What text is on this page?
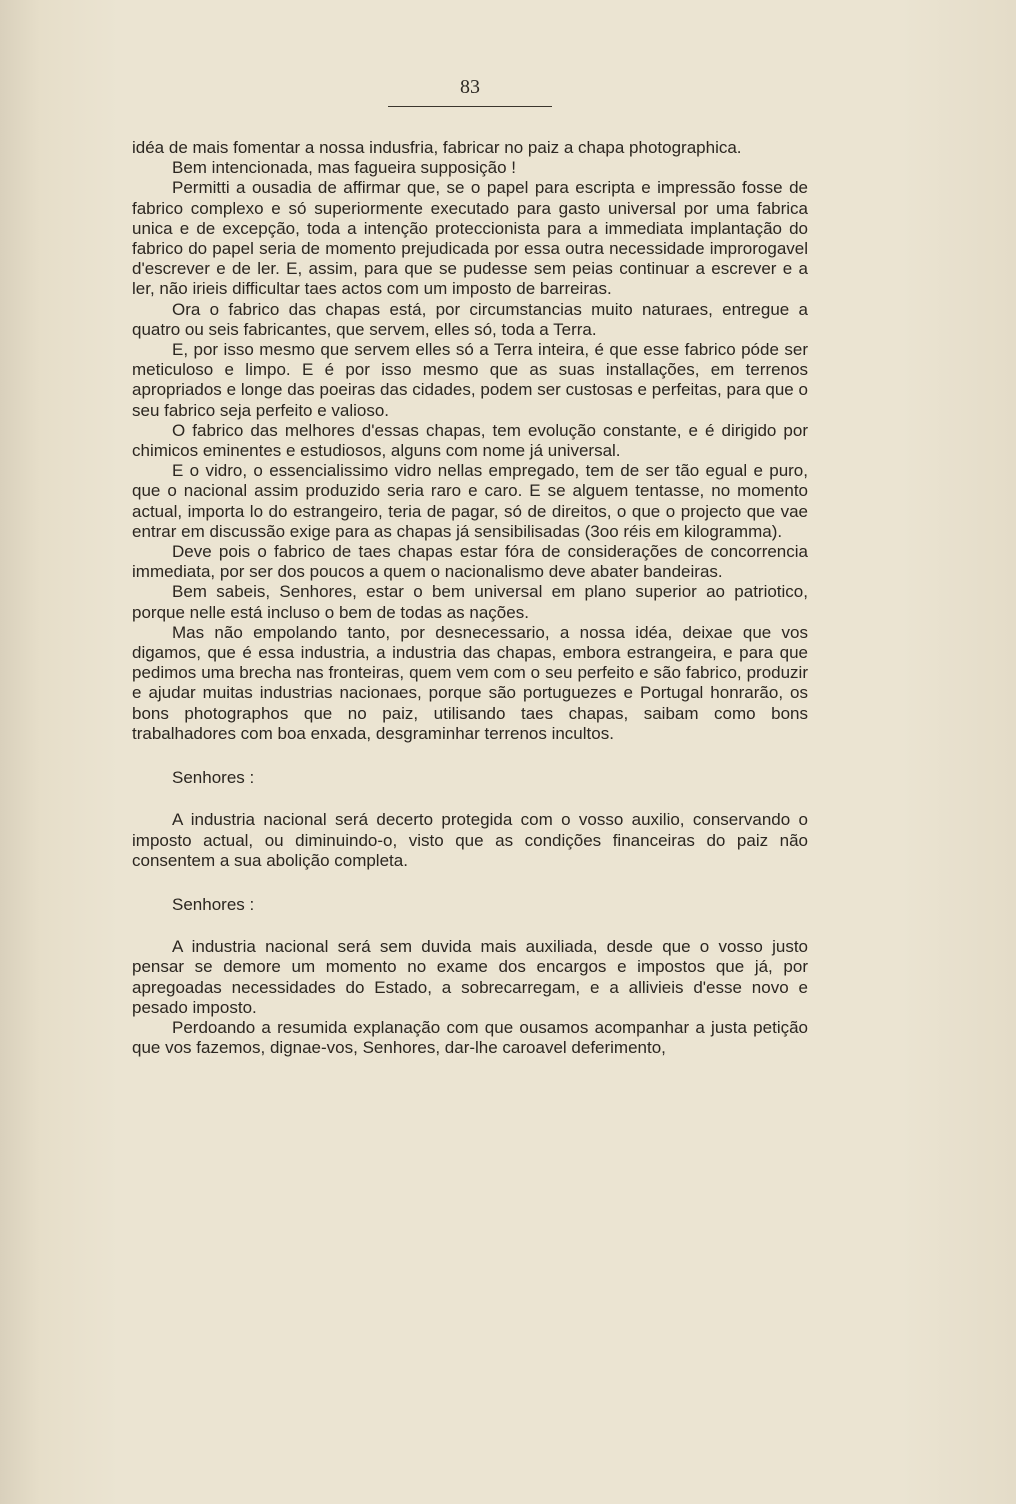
83

idéa de mais fomentar a nossa indusfria, fabricar no paiz a chapa photographica.

Bem intencionada, mas fagueira supposição !

Permitti a ousadia de affirmar que, se o papel para escripta e impressão fosse de fabrico complexo e só superiormente executado para gasto universal por uma fabrica unica e de excepção, toda a intenção proteccionista para a immediata implantação do fabrico do papel seria de momento prejudicada por essa outra necessidade improrogavel d'escrever e de ler. E, assim, para que se pudesse sem peias continuar a escrever e a ler, não irieis difficultar taes actos com um imposto de barreiras.

Ora o fabrico das chapas está, por circumstancias muito naturaes, entregue a quatro ou seis fabricantes, que servem, elles só, toda a Terra.

E, por isso mesmo que servem elles só a Terra inteira, é que esse fabrico póde ser meticuloso e limpo. E é por isso mesmo que as suas installações, em terrenos apropriados e longe das poeiras das cidades, podem ser custosas e perfeitas, para que o seu fabrico seja perfeito e valioso.

O fabrico das melhores d'essas chapas, tem evolução constante, e é dirigido por chimicos eminentes e estudiosos, alguns com nome já universal.

E o vidro, o essencialissimo vidro nellas empregado, tem de ser tão egual e puro, que o nacional assim produzido seria raro e caro. E se alguem tentasse, no momento actual, importa lo do estrangeiro, teria de pagar, só de direitos, o que o projecto que vae entrar em discussão exige para as chapas já sensibilisadas (3oo réis em kilogramma).

Deve pois o fabrico de taes chapas estar fóra de considerações de concorrencia immediata, por ser dos poucos a quem o nacionalismo deve abater bandeiras.

Bem sabeis, Senhores, estar o bem universal em plano superior ao patriotico, porque nelle está incluso o bem de todas as nações.

Mas não empolando tanto, por desnecessario, a nossa idéa, deixae que vos digamos, que é essa industria, a industria das chapas, embora estrangeira, e para que pedimos uma brecha nas fronteiras, quem vem com o seu perfeito e são fabrico, produzir e ajudar muitas industrias nacionaes, porque são portuguezes e Portugal honrarão, os bons photographos que no paiz, utilisando taes chapas, saibam como bons trabalhadores com boa enxada, desgraminhar terrenos incultos.

Senhores :

A industria nacional será decerto protegida com o vosso auxilio, conservando o imposto actual, ou diminuindo-o, visto que as condições financeiras do paiz não consentem a sua abolição completa.

Senhores :

A industria nacional será sem duvida mais auxiliada, desde que o vosso justo pensar se demore um momento no exame dos encargos e impostos que já, por apregoadas necessidades do Estado, a sobrecarregam, e a allivieis d'esse novo e pesado imposto.

Perdoando a resumida explanação com que ousamos acompanhar a justa petição que vos fazemos, dignae-vos, Senhores, dar-lhe caroavel deferimento,
